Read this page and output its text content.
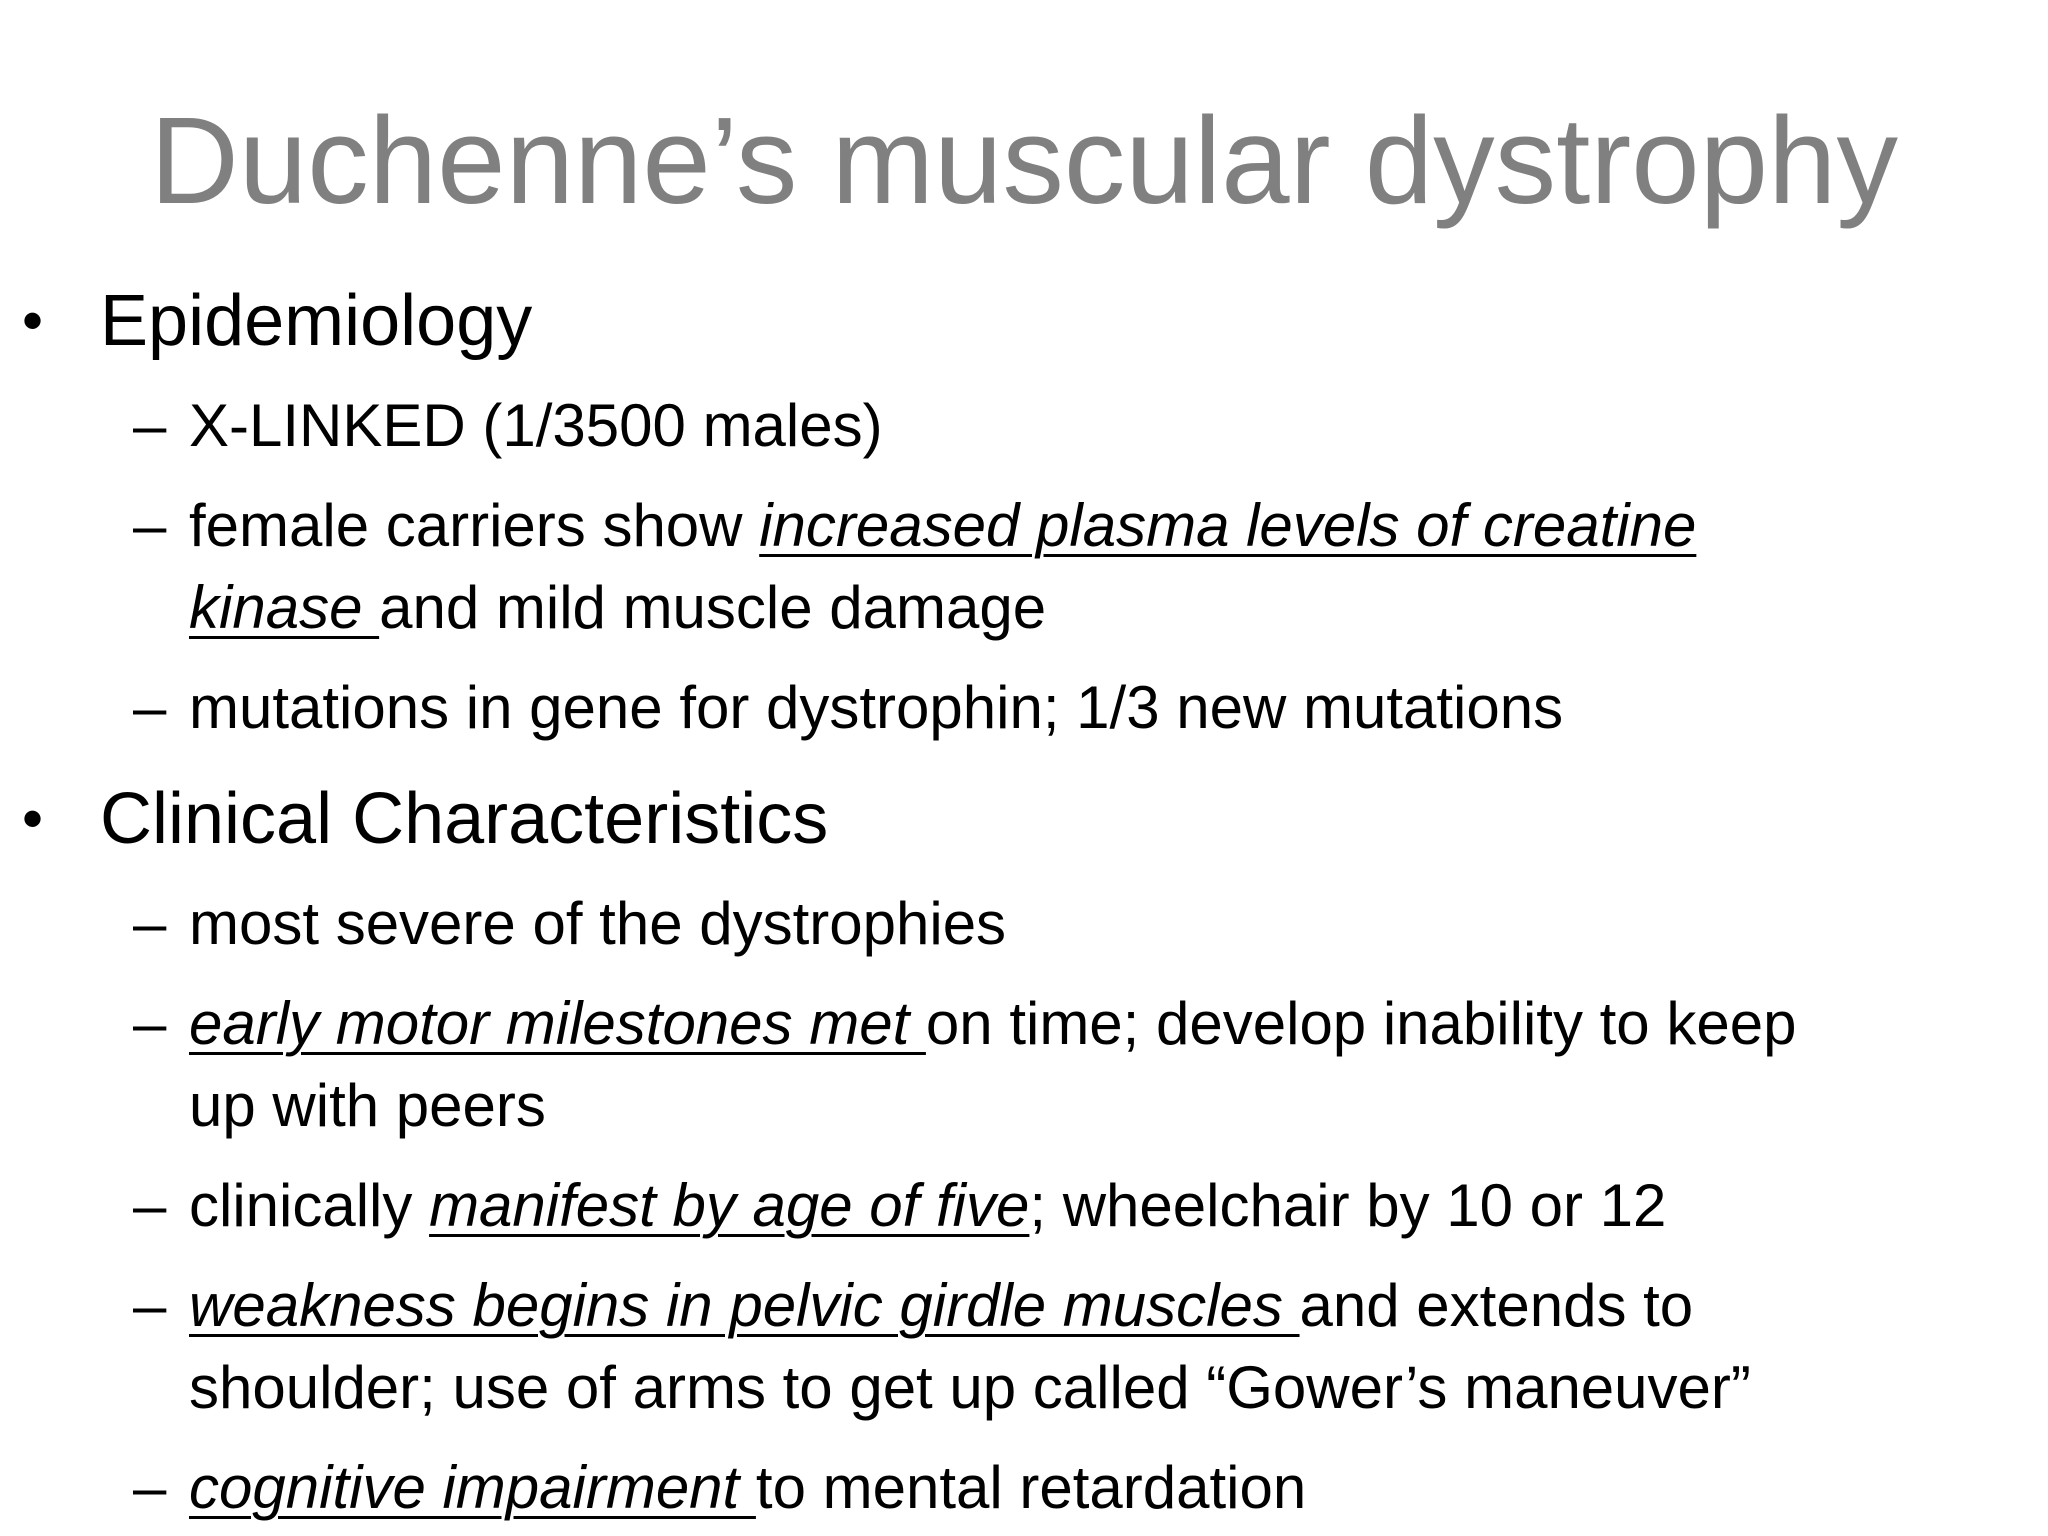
Duchenne’s muscular dystrophy
• Epidemiology
– X-LINKED (1/3500 males)
– female carriers show increased plasma levels of creatine
kinase and mild muscle damage
– mutations in gene for dystrophin; 1/3 new mutations
• Clinical Characteristics
– most severe of the dystrophies
– early motor milestones met on time; develop inability to keep
up with peers
– clinically manifest by age of five; wheelchair by 10 or 12
– weakness begins in pelvic girdle muscles and extends to
shoulder; use of arms to get up called “Gower’s maneuver”
– cognitive impairment to mental retardation
